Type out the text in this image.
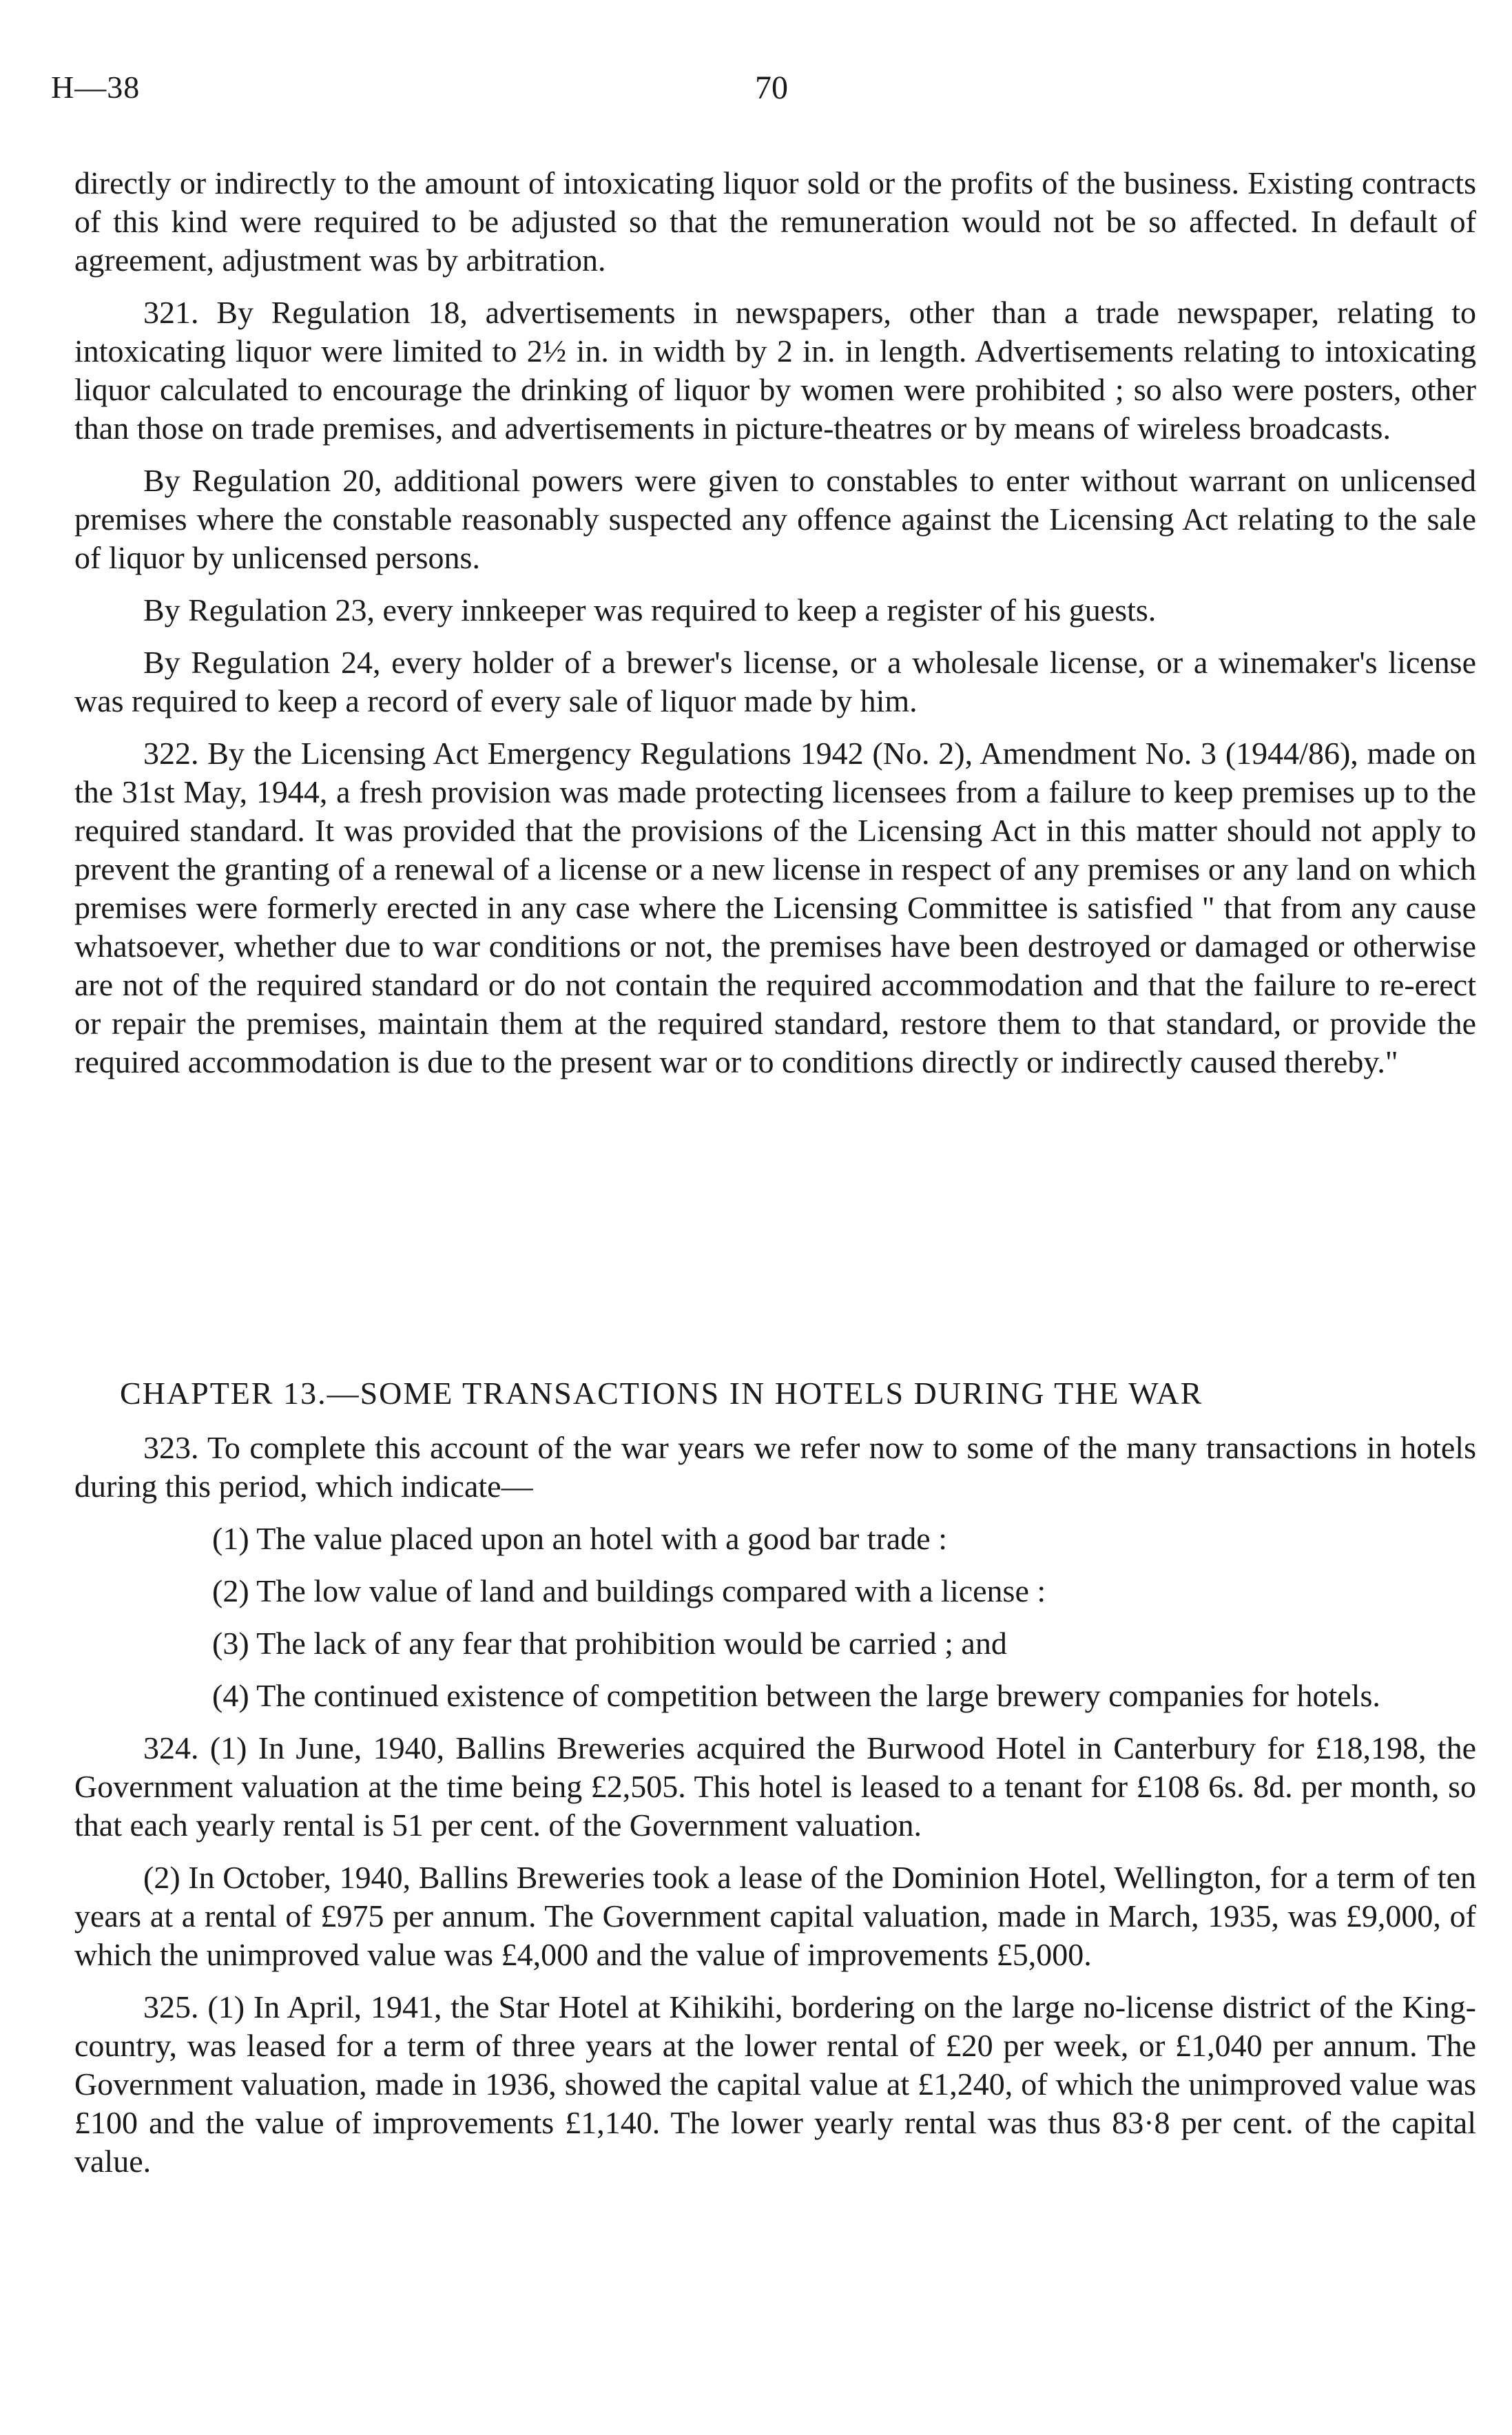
H—38	70

directly or indirectly to the amount of intoxicating liquor sold or the profits of the business. Existing contracts of this kind were required to be adjusted so that the remuneration would not be so affected. In default of agreement, adjustment was by arbitration.

321. By Regulation 18, advertisements in newspapers, other than a trade newspaper, relating to intoxicating liquor were limited to 2½ in. in width by 2 in. in length. Advertisements relating to intoxicating liquor calculated to encourage the drinking of liquor by women were prohibited ; so also were posters, other than those on trade premises, and advertisements in picture-theatres or by means of wireless broadcasts.

By Regulation 20, additional powers were given to constables to enter without warrant on unlicensed premises where the constable reasonably suspected any offence against the Licensing Act relating to the sale of liquor by unlicensed persons.

By Regulation 23, every innkeeper was required to keep a register of his guests.

By Regulation 24, every holder of a brewer's license, or a wholesale license, or a winemaker's license was required to keep a record of every sale of liquor made by him.

322. By the Licensing Act Emergency Regulations 1942 (No. 2), Amendment No. 3 (1944/86), made on the 31st May, 1944, a fresh provision was made protecting licensees from a failure to keep premises up to the required standard. It was provided that the provisions of the Licensing Act in this matter should not apply to prevent the granting of a renewal of a license or a new license in respect of any premises or any land on which premises were formerly erected in any case where the Licensing Committee is satisfied " that from any cause whatsoever, whether due to war conditions or not, the premises have been destroyed or damaged or otherwise are not of the required standard or do not contain the required accommodation and that the failure to re-erect or repair the premises, maintain them at the required standard, restore them to that standard, or provide the required accommodation is due to the present war or to conditions directly or indirectly caused thereby."

CHAPTER 13.—SOME TRANSACTIONS IN HOTELS DURING THE WAR

323. To complete this account of the war years we refer now to some of the many transactions in hotels during this period, which indicate—

(1) The value placed upon an hotel with a good bar trade :

(2) The low value of land and buildings compared with a license :

(3) The lack of any fear that prohibition would be carried ; and

(4) The continued existence of competition between the large brewery companies for hotels.

324. (1) In June, 1940, Ballins Breweries acquired the Burwood Hotel in Canterbury for £18,198, the Government valuation at the time being £2,505. This hotel is leased to a tenant for £108 6s. 8d. per month, so that each yearly rental is 51 per cent. of the Government valuation.

(2) In October, 1940, Ballins Breweries took a lease of the Dominion Hotel, Wellington, for a term of ten years at a rental of £975 per annum. The Government capital valuation, made in March, 1935, was £9,000, of which the unimproved value was £4,000 and the value of improvements £5,000.

325. (1) In April, 1941, the Star Hotel at Kihikihi, bordering on the large no-license district of the King-country, was leased for a term of three years at the lower rental of £20 per week, or £1,040 per annum. The Government valuation, made in 1936, showed the capital value at £1,240, of which the unimproved value was £100 and the value of improvements £1,140. The lower yearly rental was thus 83·8 per cent. of the capital value.
